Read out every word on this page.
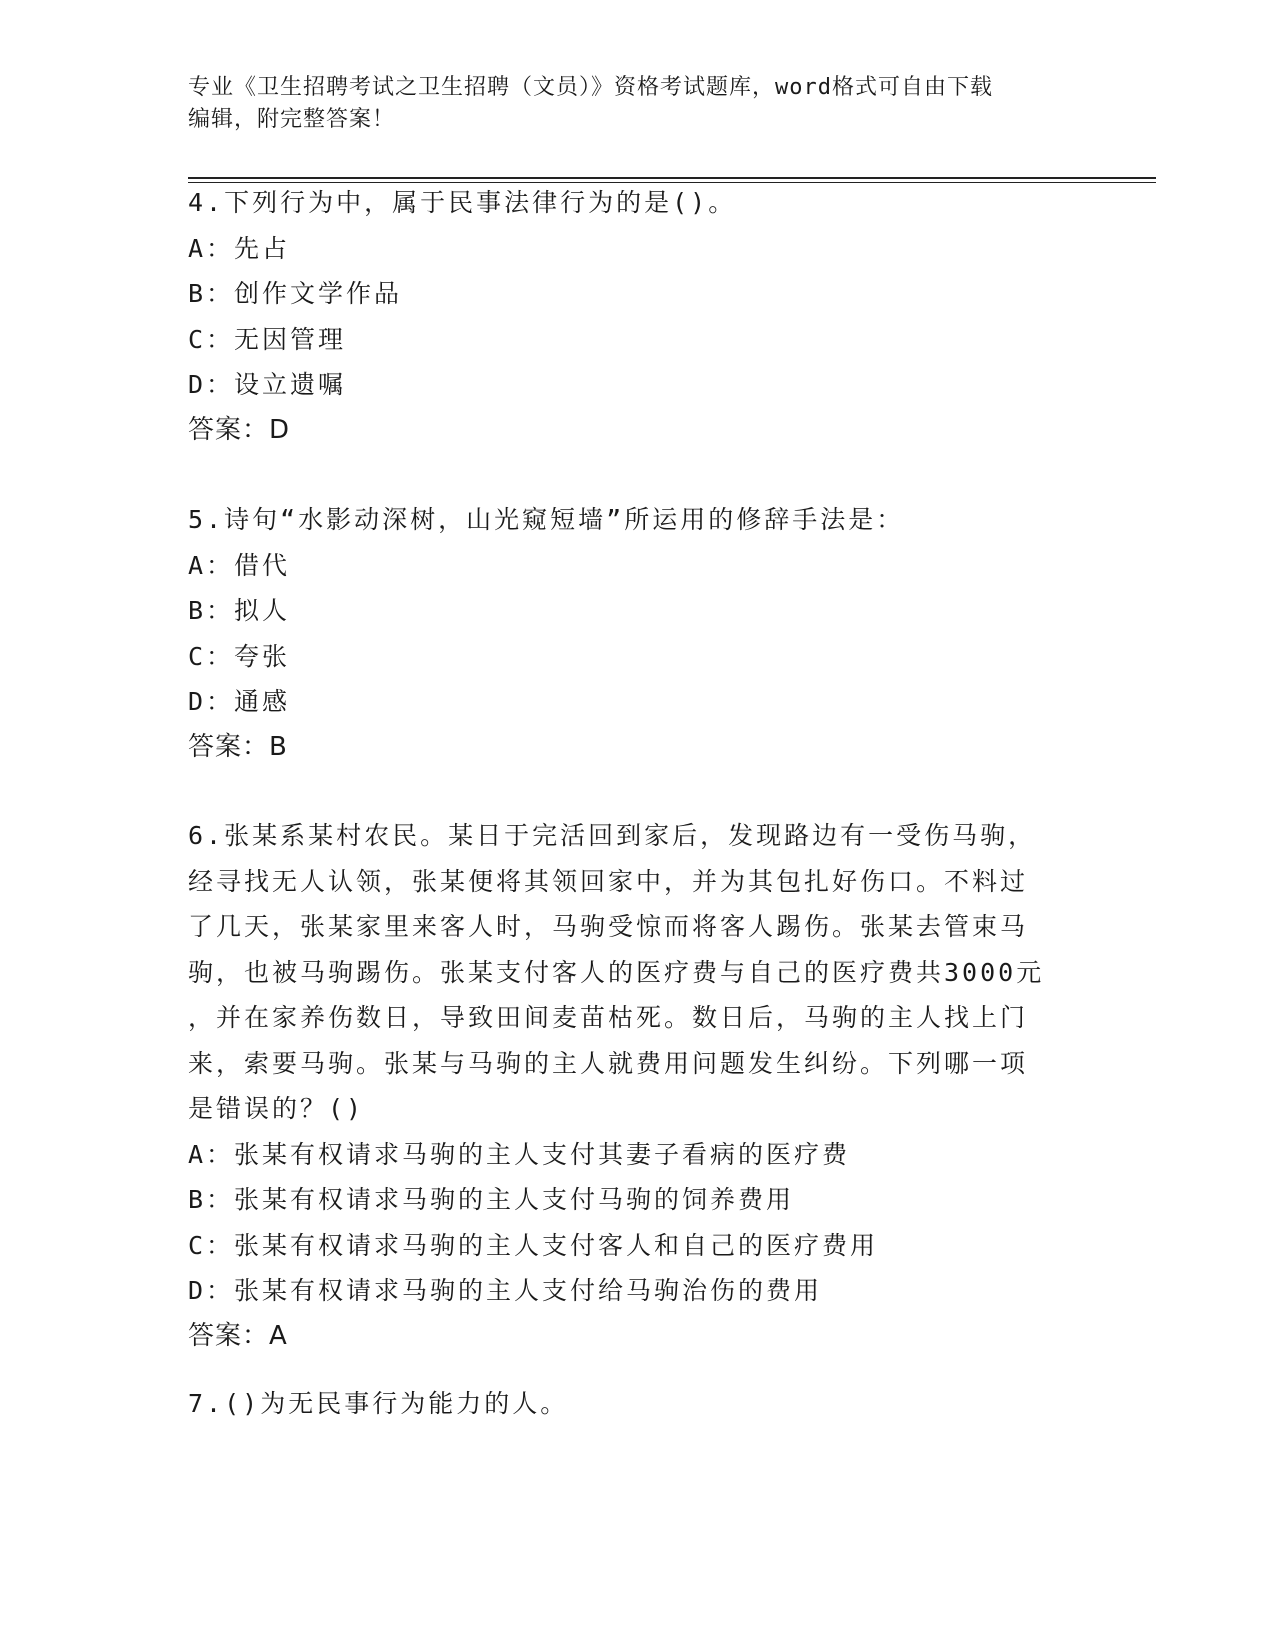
专业《卫生招聘考试之卫生招聘（文员）》资格考试题库，word格式可自由下载
编辑，附完整答案！
4.下列行为中，属于民事法律行为的是()。
A：先占
B：创作文学作品
C：无因管理
D：设立遗嘱
答案：D
5.诗句“水影动深树，山光窥短墙”所运用的修辞手法是：
A：借代
B：拟人
C：夸张
D：通感
答案：B
6.张某系某村农民。某日于完活回到家后，发现路边有一受伤马驹，
经寻找无人认领，张某便将其领回家中，并为其包扎好伤口。不料过
了几天，张某家里来客人时，马驹受惊而将客人踢伤。张某去管束马
驹，也被马驹踢伤。张某支付客人的医疗费与自己的医疗费共3000元
，并在家养伤数日，导致田间麦苗枯死。数日后，马驹的主人找上门
来，索要马驹。张某与马驹的主人就费用问题发生纠纷。下列哪一项
是错误的？()
A：张某有权请求马驹的主人支付其妻子看病的医疗费
B：张某有权请求马驹的主人支付马驹的饲养费用
C：张某有权请求马驹的主人支付客人和自己的医疗费用
D：张某有权请求马驹的主人支付给马驹治伤的费用
答案：A
7.()为无民事行为能力的人。
